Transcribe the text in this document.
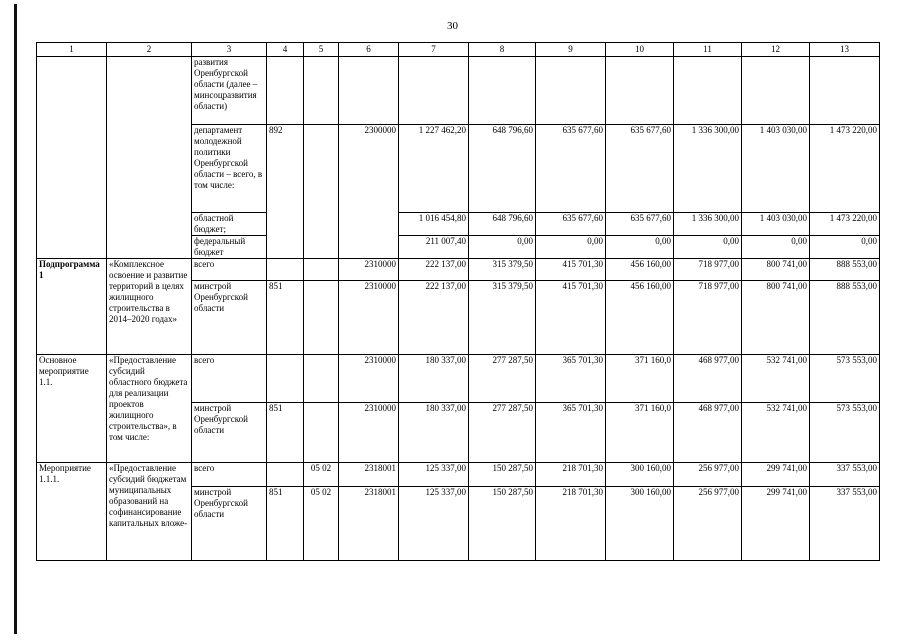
30
1	2	3	4	5	6	7	8	9	10	11	12	13
		развития Оренбургской области (далее – минсоцразвития области)										
		департамент молодежной политики Оренбургской области – всего, в том числе:	892		2300000	1 227 462,20	648 796,60	635 677,60	635 677,60	1 336 300,00	1 403 030,00	1 473 220,00
		областной бюджет;				1 016 454,80	648 796,60	635 677,60	635 677,60	1 336 300,00	1 403 030,00	1 473 220,00
		федеральный бюджет				211 007,40	0,00	0,00	0,00	0,00	0,00	0,00
Подпрограмма 1	«Комплексное освоение и развитие территорий в целях жилищного строительства в 2014–2020 годах»	всего			2310000	222 137,00	315 379,50	415 701,30	456 160,00	718 977,00	800 741,00	888 553,00
		минстрой Оренбургской области	851		2310000	222 137,00	315 379,50	415 701,30	456 160,00	718 977,00	800 741,00	888 553,00
Основное мероприятие 1.1.	«Предоставление субсидий областного бюджета для реализации проектов жилищного строительства», в том числе:	всего			2310000	180 337,00	277 287,50	365 701,30	371 160,0	468 977,00	532 741,00	573 553,00
		минстрой Оренбургской области	851		2310000	180 337,00	277 287,50	365 701,30	371 160,0	468 977,00	532 741,00	573 553,00
Мероприятие 1.1.1.	«Предоставление субсидий бюджетам муниципальных образований на софинансирование капитальных вложе-	всего		05 02	2318001	125 337,00	150 287,50	218 701,30	300 160,00	256 977,00	299 741,00	337 553,00
		минстрой Оренбургской области	851	05 02	2318001	125 337,00	150 287,50	218 701,30	300 160,00	256 977,00	299 741,00	337 553,00
